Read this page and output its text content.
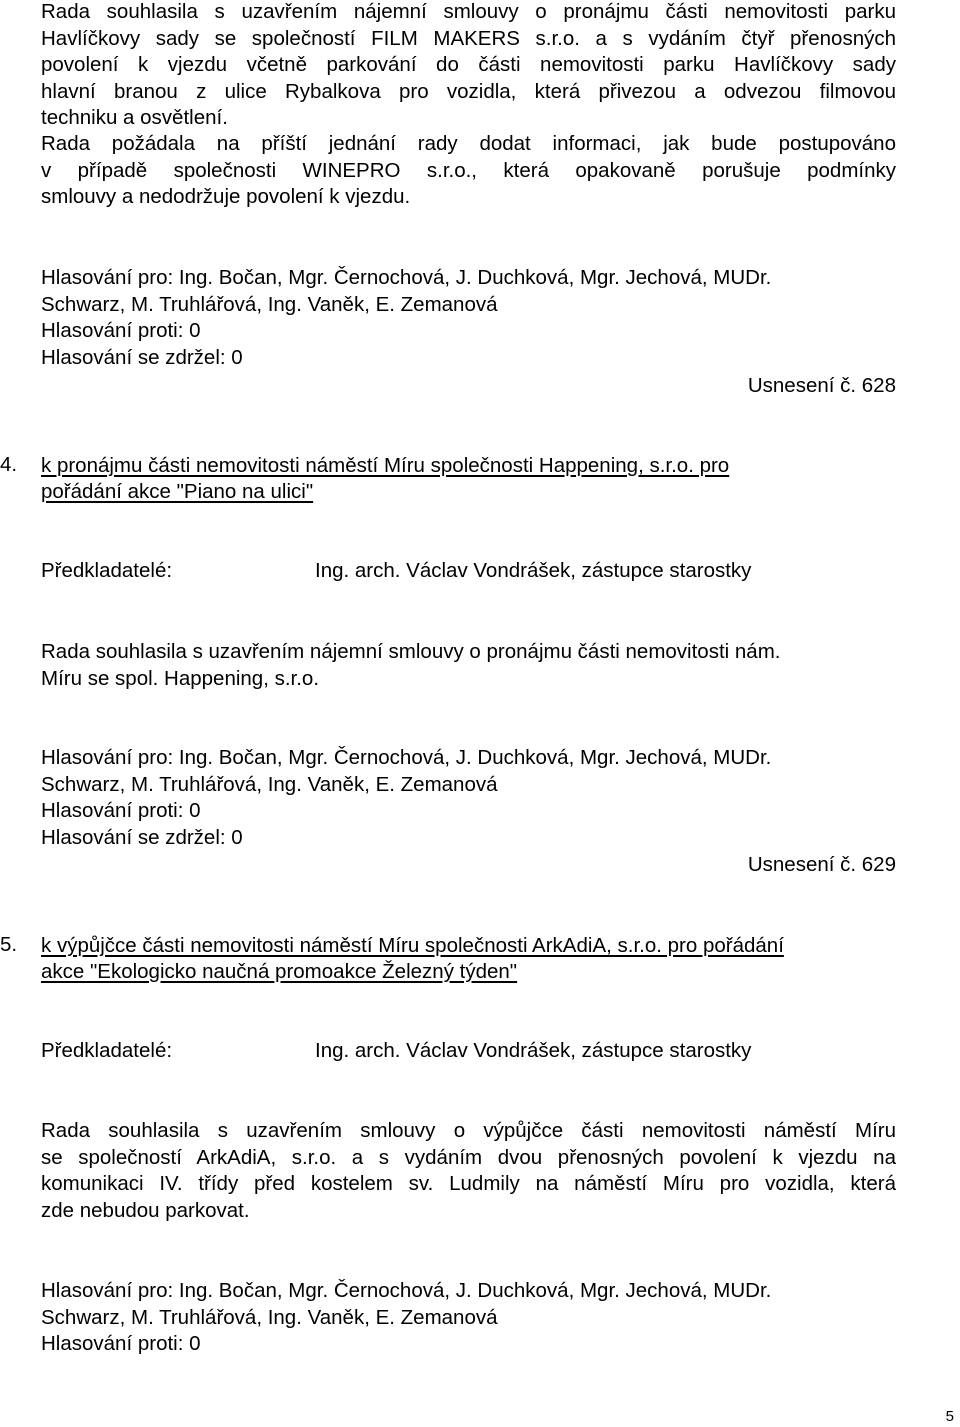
Rada souhlasila s uzavřením nájemní smlouvy o pronájmu části nemovitosti parku
Havlíčkovy sady se společností FILM MAKERS s.r.o. a s vydáním čtyř přenosných
povolení k vjezdu včetně parkování do části nemovitosti parku Havlíčkovy sady
hlavní branou z ulice Rybalkova pro vozidla, která přivezou a odvezou filmovou
techniku a osvětlení.
Rada požádala na příští jednání rady dodat informaci, jak bude postupováno
v případě společnosti WINEPRO s.r.o., která opakovaně porušuje podmínky
smlouvy a nedodržuje povolení k vjezdu.
Hlasování pro: Ing. Bočan, Mgr. Černochová, J. Duchková, Mgr. Jechová, MUDr.
Schwarz, M. Truhlářová, Ing. Vaněk, E. Zemanová
Hlasování proti: 0
Hlasování se zdržel: 0
Usnesení č. 628
4. k pronájmu části nemovitosti náměstí Míru společnosti Happening, s.r.o. pro
pořádání akce "Piano na ulici"
Předkladatelé:	Ing. arch. Václav Vondrášek, zástupce starostky
Rada souhlasila s uzavřením nájemní smlouvy o pronájmu části nemovitosti nám.
Míru se spol. Happening, s.r.o.
Hlasování pro: Ing. Bočan, Mgr. Černochová, J. Duchková, Mgr. Jechová, MUDr.
Schwarz, M. Truhlářová, Ing. Vaněk, E. Zemanová
Hlasování proti: 0
Hlasování se zdržel: 0
Usnesení č. 629
5. k výpůjčce části nemovitosti náměstí Míru společnosti ArkAdiA, s.r.o. pro pořádání
akce "Ekologicko naučná promoakce Železný týden"
Předkladatelé:	Ing. arch. Václav Vondrášek, zástupce starostky
Rada souhlasila s uzavřením smlouvy o výpůjčce části nemovitosti náměstí Míru
se společností ArkAdiA, s.r.o. a s vydáním dvou přenosných povolení k vjezdu na
komunikaci IV. třídy před kostelem sv. Ludmily na náměstí Míru pro vozidla, která
zde nebudou parkovat.
Hlasování pro: Ing. Bočan, Mgr. Černochová, J. Duchková, Mgr. Jechová, MUDr.
Schwarz, M. Truhlářová, Ing. Vaněk, E. Zemanová
Hlasování proti: 0
5
